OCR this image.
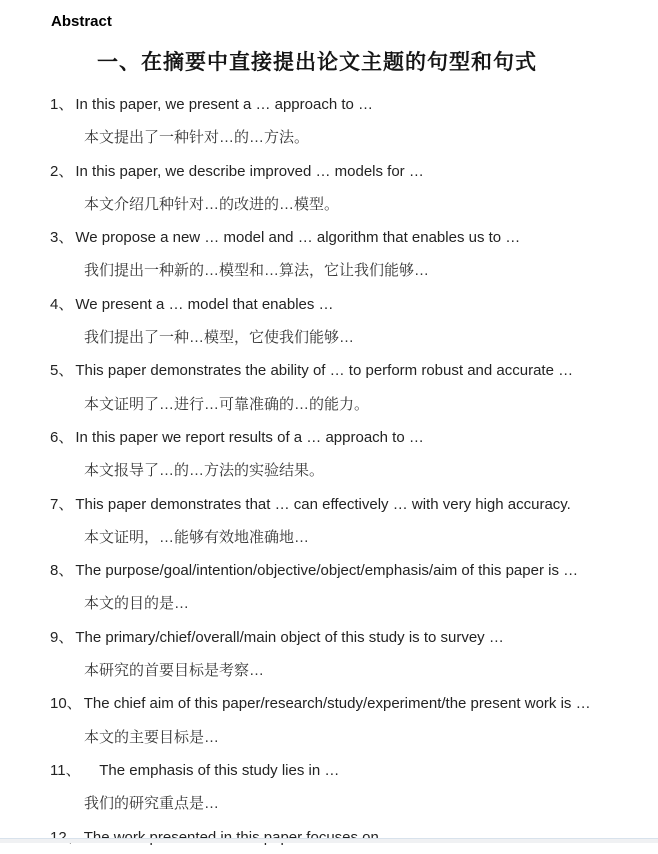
Abstract
一、在摘要中直接提出论文主题的句型和句式

1、 In this paper, we present a … approach to …

本文提出了一种针对…的…方法。

2、 In this paper, we describe improved … models for …

本文介绍几种针对…的改进的…模型。

3、 We propose a new … model and … algorithm that enables us to …

我们提出一种新的…模型和…算法，它让我们能够…

4、 We present a … model that enables …

我们提出了一种…模型，它使我们能够…

5、 This paper demonstrates the ability of … to perform robust and accurate …

本文证明了…进行…可靠准确的…的能力。

6、 In this paper we report results of a … approach to …

本文报导了…的…方法的实验结果。

7、 This paper demonstrates that … can effectively … with very high accuracy.

本文证明，…能够有效地准确地…

8、 The purpose/goal/intention/objective/object/emphasis/aim of this paper is …

本文的目的是…

9、 The primary/chief/overall/main object of this study is to survey …

本研究的首要目标是考察…

10、 The chief aim of this paper/research/study/experiment/the present work is …

本文的主要目标是…

11、    The emphasis of this study lies in …

我们的研究重点是…
